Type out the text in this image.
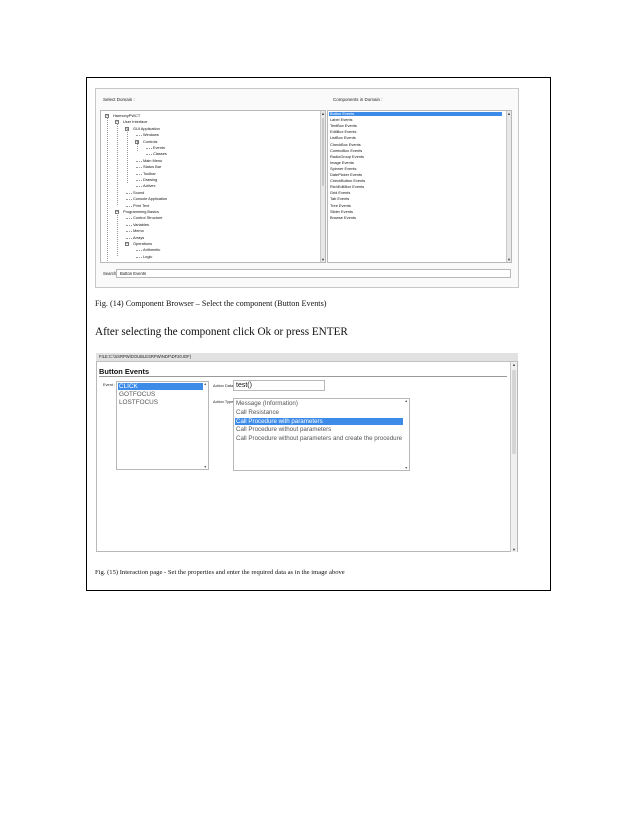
Select Domain :	Components in Domain :
▲
▼
− HarmonyPWCT
− User Interface
− GUI Application
Windows
− Controls
Events
Classes
Main Menu
Status Bar
Toolbar
Drawing
Activex
Sound
Console Application
Print Text
− Programming Basics
Control Structure
Variables
Memo
Arrays
− Operations
Arithmetic
Logic
▲
▼
Button Events
Label Events
TextBox Events
EditBox Events
ListBox Events
CheckBox Events
ComboBox Events
RadioGroup Events
Image Events
Spinner Events
DatePicker Events
CheckButton Events
RichEditBox Events
Grid Events
Tab Events
Tree Events
Slider Events
Browse Events
Search Button Events
Fig. (14) Component Browser – Select the component (Button Events)
After selecting the component click Ok or press ENTER
FILE:C:\SSRPW\DOUBLESRPW\NDF\DF20.IDF)
Button Events
▲
▼
Event :	▲
▼
CLICK
GOTFOCUS
LOSTFOCUS
Action Data test()
Action Type	▲
▼
Message (Information)
Call Resistance
Call Procedure with parameters
Call Procedure without parameters
Call Procedure without parameters and create the procedure
Fig. (15) Interaction page - Set the properties and enter the required data as in the image above
